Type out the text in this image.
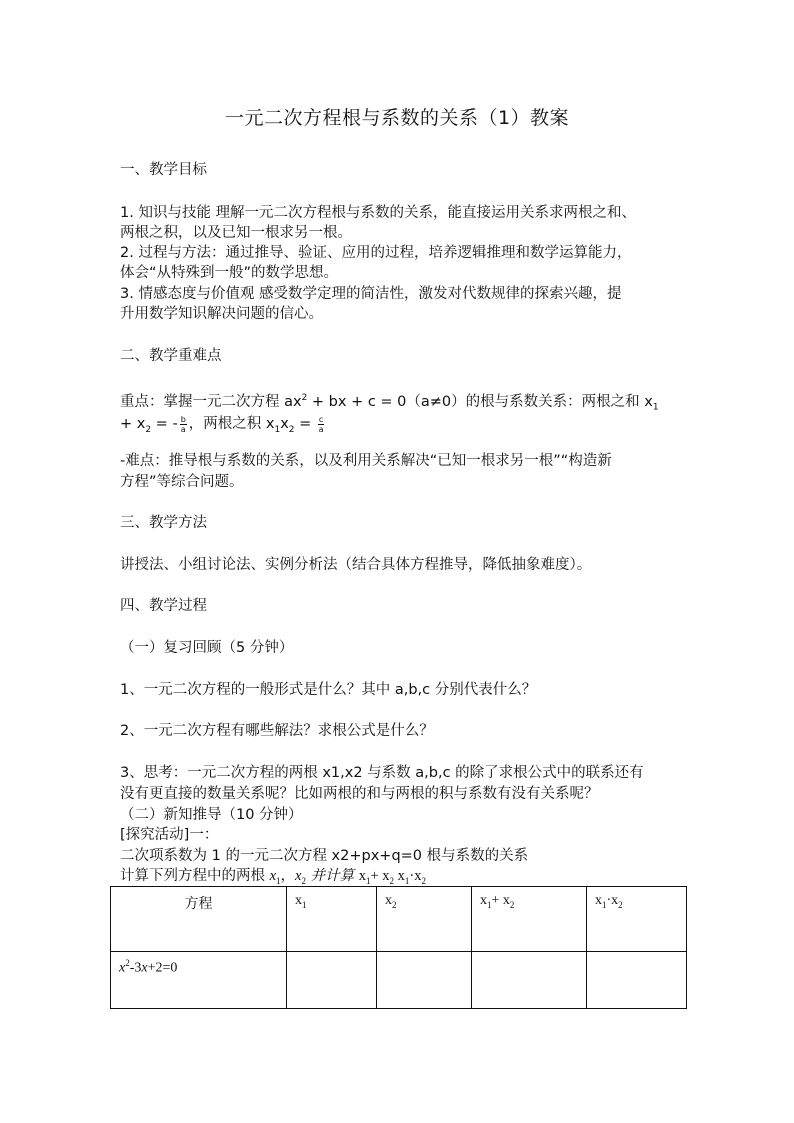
一元二次方程根与系数的关系（1）教案
一、教学目标
1. 知识与技能 理解一元二次方程根与系数的关系，能直接运用关系求两根之和、
两根之积，以及已知一根求另一根。
2. 过程与方法：通过推导、验证、应用的过程，培养逻辑推理和数学运算能力，
体会“从特殊到一般”的数学思想。
3. 情感态度与价值观 感受数学定理的简洁性，激发对代数规律的探索兴趣，提
升用数学知识解决问题的信心。
二、教学重难点
重点：掌握一元二次方程 $ax^2$ + bx + c = 0（a≠0）的根与系数关系：两根之和 $x_1$
+ $x_2$ = - $\frac{b}{a}$ ，两根之积 $x_1x_2 = \frac{c}{a}$
-难点：推导根与系数的关系，以及利用关系解决“已知一根求另一根”“构造新
方程”等综合问题。
三、教学方法
讲授法、小组讨论法、实例分析法（结合具体方程推导，降低抽象难度）。
四、教学过程
（一）复习回顾（5 分钟）
1、一元二次方程的一般形式是什么？其中 a,b,c 分别代表什么？
2、一元二次方程有哪些解法？求根公式是什么？
3、思考：一元二次方程的两根 x1,x2 与系数 a,b,c 的除了求根公式中的联系还有
没有更直接的数量关系呢？比如两根的和与两根的积与系数有没有关系呢？
（二）新知推导（10 分钟）
[探究活动]一：
二次项系数为 1 的一元二次方程 x2+px+q=0 根与系数的关系
计算下列方程中的两根 $x_1$，$x_2$ 并计算 $x_1+ x_2$ $x_1\cdot x_2$
方程	$x_1$	$x_2$	$x_1+ x_2$	$x_1\cdot x_2$
$x^2-3x+2=0$				
